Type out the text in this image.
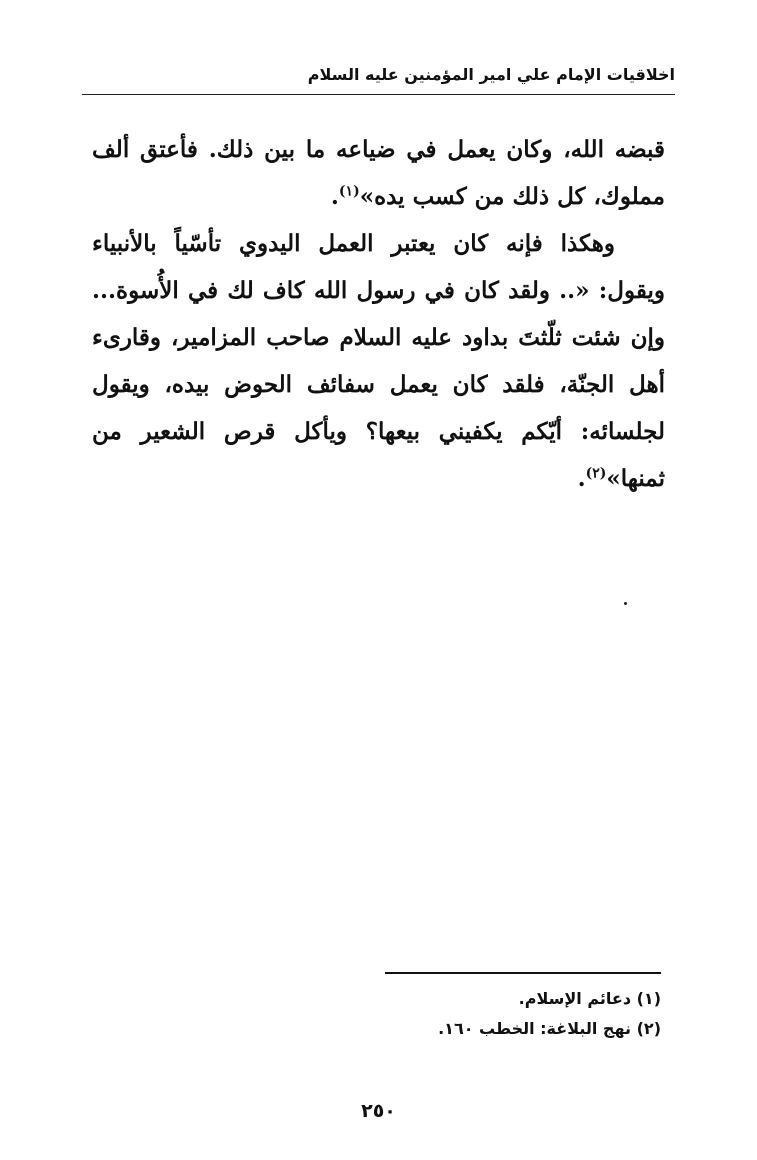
اخلاقيات الإمام علي امير المؤمنين عليه السلام

قبضه الله، وكان يعمل في ضياعه ما بين ذلك. فأعتق ألف مملوك، كل ذلك من كسب يده»$^{(١)}$.

وهكذا فإنه كان يعتبر العمل اليدوي تأسّياً بالأنبياء ويقول: «.. ولقد كان في رسول الله كاف لك في الأُسوة... وإن شئت ثلّثتَ بداود عليه السلام صاحب المزامير، وقارىء أهل الجنّة، فلقد كان يعمل سفائف الحوض بيده، ويقول لجلسائه: أيّكم يكفيني بيعها؟ ويأكل قرص الشعير من ثمنها»$^{(٢)}$.

(١) دعائم الإسلام.
(٢) نهج البلاغة: الخطب ١٦٠.
٢٥٠
